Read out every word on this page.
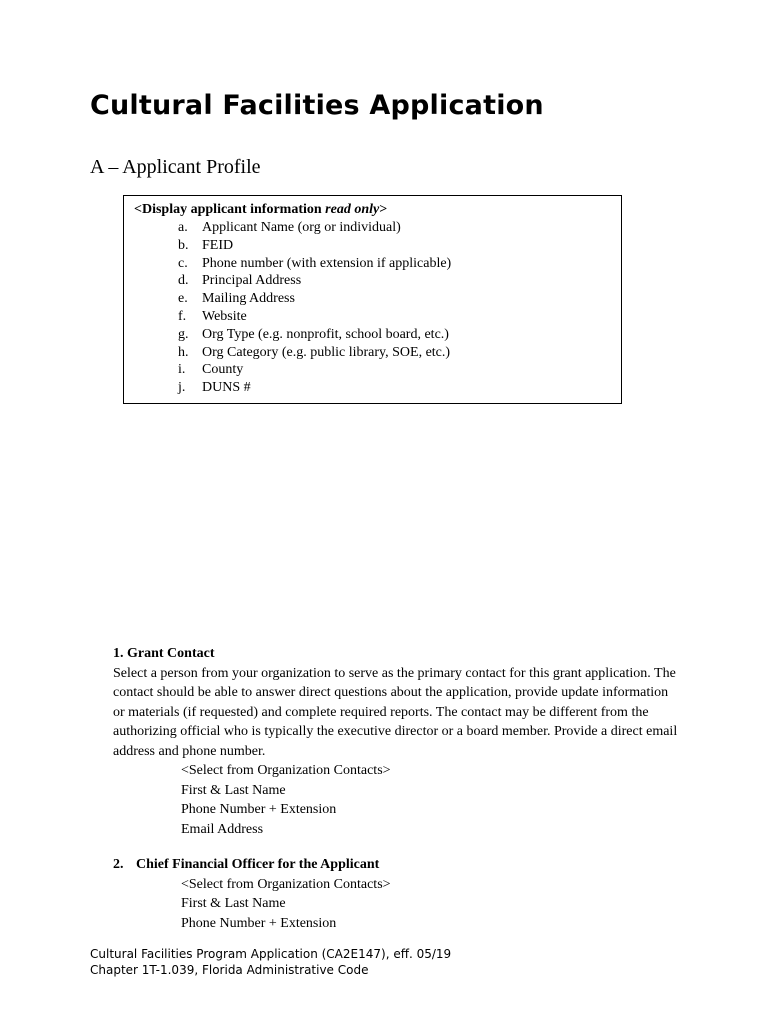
Cultural Facilities Application
A – Applicant Profile
<Display applicant information read only>
a. Applicant Name (org or individual)
b. FEID
c. Phone number (with extension if applicable)
d. Principal Address
e. Mailing Address
f. Website
g. Org Type (e.g. nonprofit, school board, etc.)
h. Org Category (e.g. public library, SOE, etc.)
i. County
j. DUNS #
1. Grant Contact
Select a person from your organization to serve as the primary contact for this grant application. The contact should be able to answer direct questions about the application, provide update information or materials (if requested) and complete required reports. The contact may be different from the authorizing official who is typically the executive director or a board member. Provide a direct email address and phone number.
<Select from Organization Contacts>
First & Last Name
Phone Number + Extension
Email Address
2. Chief Financial Officer for the Applicant
<Select from Organization Contacts>
First & Last Name
Phone Number + Extension
Cultural Facilities Program Application (CA2E147), eff. 05/19
Chapter 1T-1.039, Florida Administrative Code
